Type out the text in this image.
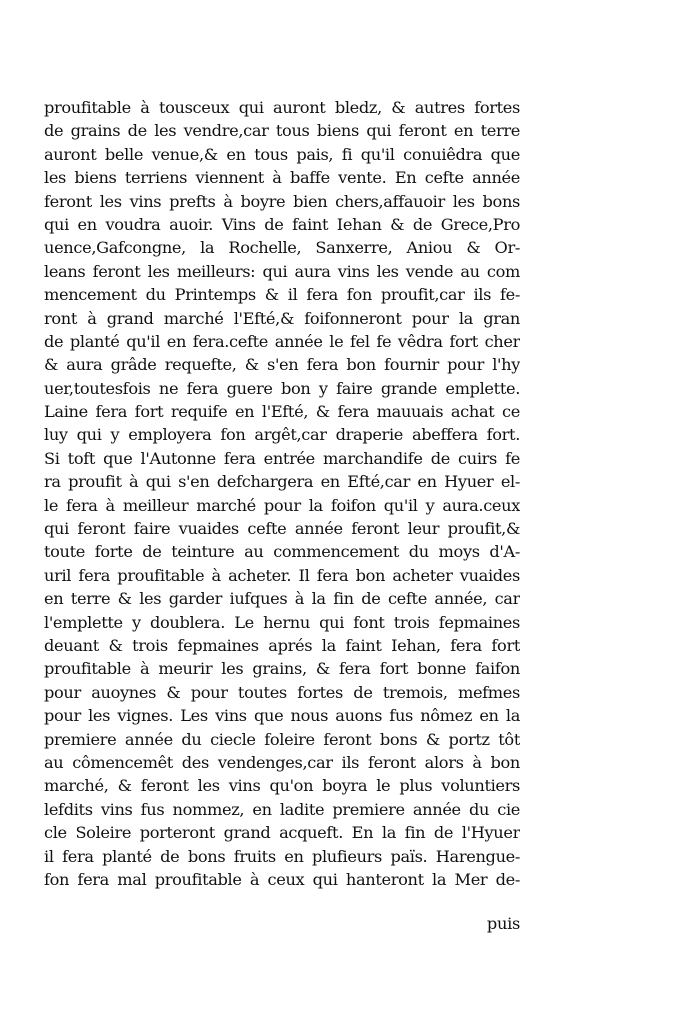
proufitable à tousceux qui auront bledz, & autres fortes
de grains de les vendre,car tous biens qui feront en terre
auront belle venue,& en tous pais, fi qu'il conuiêdra que
les biens terriens viennent à baffe vente. En cefte année
feront les vins prefts à boyre bien chers,affauoir les bons
qui en voudra auoir. Vins de faint Iehan & de Grece,Pro
uence,Gafcongne, la Rochelle, Sanxerre, Aniou & Or-
leans feront les meilleurs: qui aura vins les vende au com
mencement du Printemps & il fera fon proufit,car ils fe-
ront à grand marché l'Efté,& foifonneront pour la gran
de planté qu'il en fera.cefte année le fel fe vêdra fort cher
& aura grâde requefte, & s'en fera bon fournir pour l'hy
uer,toutesfois ne fera guere bon y faire grande emplette.
Laine fera fort requife en l'Efté, & fera mauuais achat ce
luy qui y employera fon argêt,car draperie abeffera fort.
Si toft que l'Autonne fera entrée marchandife de cuirs fe
ra proufit à qui s'en defchargera en Efté,car en Hyuer el-
le fera à meilleur marché pour la foifon qu'il y aura.ceux
qui feront faire vuaides cefte année feront leur proufit,&
toute forte de teinture au commencement du moys d'A-
uril fera proufitable à acheter. Il fera bon acheter vuaides
en terre & les garder iufques à la fin de cefte année, car
l'emplette y doublera. Le hernu qui font trois fepmaines
deuant & trois fepmaines aprés la faint Iehan, fera fort
proufitable à meurir les grains, & fera fort bonne faifon
pour auoynes & pour toutes fortes de tremois, mefmes
pour les vignes. Les vins que nous auons fus nômez en la
premiere année du ciecle foleire feront bons & portz tôt
au cômencemêt des vendenges,car ils feront alors à bon
marché, & feront les vins qu'on boyra le plus voluntiers
lefdits vins fus nommez, en ladite premiere année du cie
cle Soleire porteront grand acqueft. En la fin de l'Hyuer
il fera planté de bons fruits en plufieurs païs. Harengue-
fon fera mal proufitable à ceux qui hanteront la Mer de-
puis
